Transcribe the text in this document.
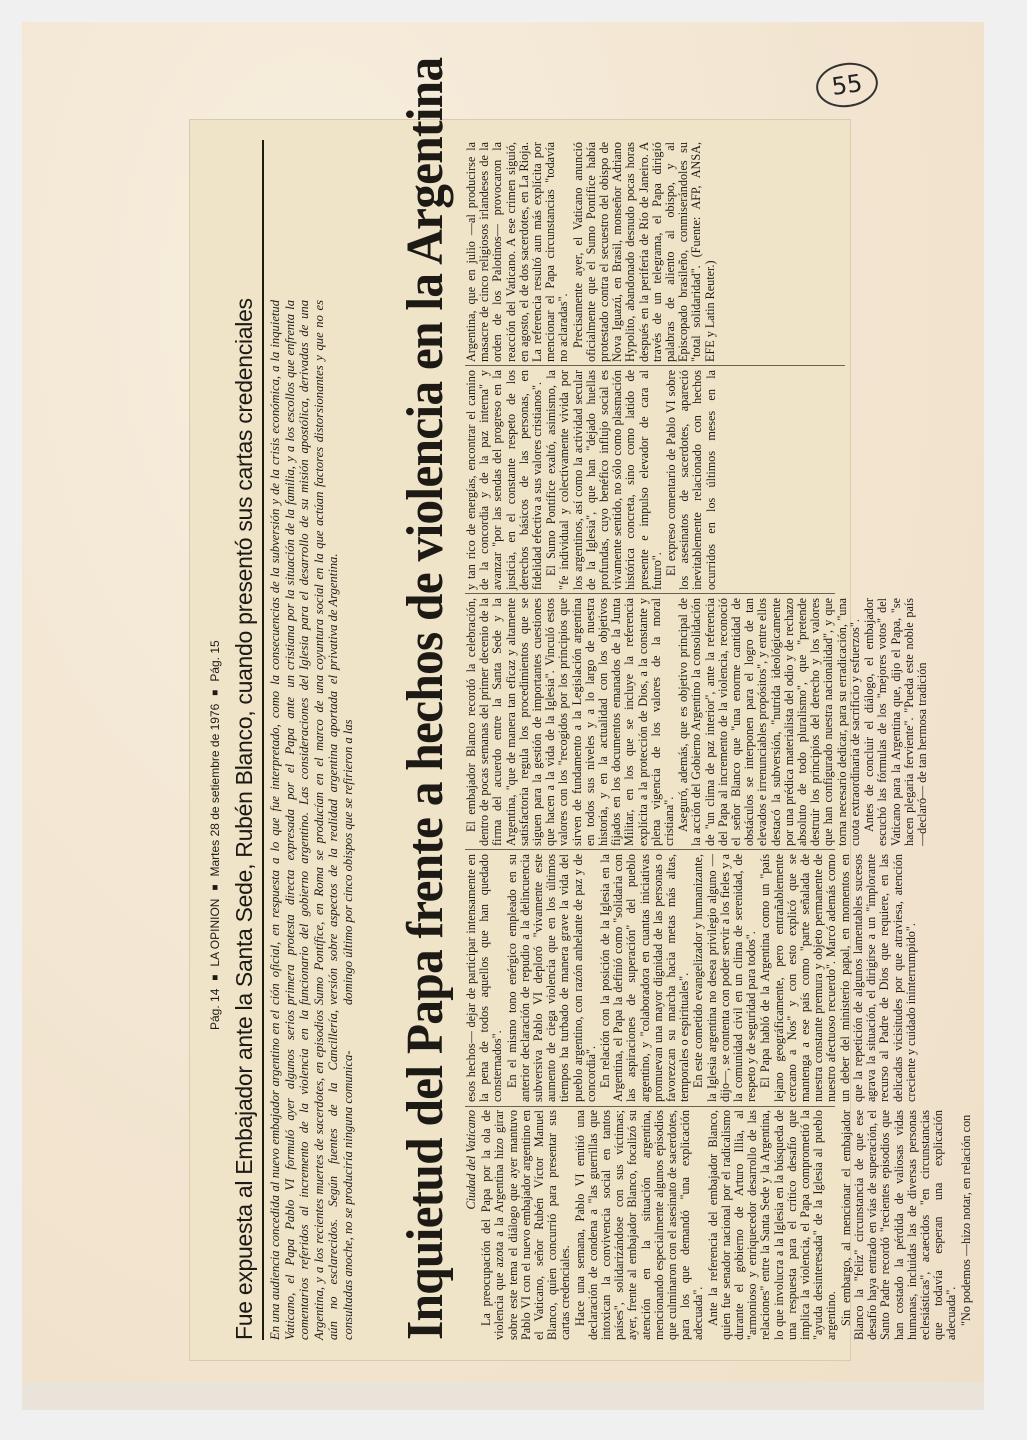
55
Pág. 14
■
LA OPINION
■
Martes 28 de setiembre de 1976
■
Pág. 15 Fue expuesta al Embajador ante la Santa Sede, Rubén Blanco, cuando presentó sus cartas credenciales En una audiencia concedida al nuevo embajador argentino en el Vaticano, el Papa Pablo VI formuló ayer algunos serios comentarios referidos al incremento de la violencia en la Argentina, y a los recientes muertes de sacerdotes, en episodios aún no esclarecidos. Según fuentes de la Cancillería, consultadas anoche, no se produciría ninguna comunica-

ción oficial, en respuesta a lo que fue interpretado, como la primera protesta directa expresada por el Papa ante un funcionario del gobierno argentino. Las consideraciones del Sumo Pontífice, en Roma se producían en el marco de una versión sobre aspectos de la realidad argentina aportada el domingo último por cinco obispos que se refirieron a las

consecuencias de la subversión y de la crisis económica, a la inquietud cristiana por la situación de la familia, y a los escollos que enfrenta la Iglesia para el desarrollo de su misión apostólica, derivadas de una coyuntura social en la que actúan factores distorsionantes y que no es privativa de Argentina. Inquietud del Papa frente a hechos de violencia en la Argentina Ciudad del Vaticano La preocupación del Papa por la ola de violencia que azota a la Argentina hizo girar sobre este tema el diálogo que ayer mantuvo Pablo VI con el nuevo embajador argentino en el Vaticano, señor Rubén Víctor Manuel Blanco, quien concurrió para presentar sus cartas credenciales. Hace una semana, Pablo VI emitió una declaración de condena a "las guerrillas que intoxican la convivencia social en tantos países", solidarizándose con sus víctimas; ayer, frente al embajador Blanco, focalizó su atención en la situación argentina, mencionando especialmente algunos episodios que culminaron con el asesinato de sacerdotes, para los que demandó "una explicación adecuada". Ante la referencia del embajador Blanco, quien fue senador nacional por el radicalismo durante el gobierno de Arturo Illia, al "armonioso y enriquecedor desarrollo de las relaciones" entre la Santa Sede y la Argentina, lo que involucra a la Iglesia en la búsqueda de una respuesta para el crítico desafío que implica la violencia, el Papa comprometió la "ayuda desinteresada" de la Iglesia al pueblo argentino. Sin embargo, al mencionar el embajador Blanco la "feliz" circunstancia de que ese desafío haya entrado en vías de superación, el Santo Padre recordó "recientes episodios que han costado la pérdida de valiosas vidas humanas, incluidas las de diversas personas eclesiásticas", acaecidos "en circunstancias que todavía esperan una explicación adecuada". "No podemos —hizo notar, en relación con

esos hechos— dejar de participar intensamente en la pena de todos aquellos que han quedado consternados". En el mismo tono enérgico empleado en su anterior declaración de repudio a la delincuencia subversiva Pablo VI deploró "vivamente este aumento de ciega violencia que en los últimos tiempos ha turbado de manera grave la vida del pueblo argentino, con razón anhelante de paz y de concordia". En relación con la posición de la Iglesia en la Argentina, el Papa la definió como "solidaria con las aspiraciones de superación" del pueblo argentino, y "colaboradora en cuantas iniciativas promuevan una mayor dignidad de las personas o favorezcan su marcha hacia metas más altas, temporales o espirituales". En este cometido evangelizador y humanizante, la Iglesia argentina no desea privilegio alguno —dijo—, se contenta con poder servir a los fieles y a la comunidad civil en un clima de serenidad, de respeto y de seguridad para todos". El Papa habló de la Argentina como un "país lejano geográficamente, pero entrañablemente cercano a Nos" y con esto explicó que se mantenga a ese país como "parte señalada de nuestra constante premura y objeto permanente de nuestro afectuoso recuerdo". Marcó además como un deber del ministerio papal, en momentos en que la repetición de algunos lamentables sucesos agrava la situación, el dirigirse a un "implorante recurso al Padre de Dios que requiere, en las delicadas vicisitudes por que atraviesa, atención creciente y cuidado ininterrumpido".

El embajador Blanco recordó la celebración, dentro de pocas semanas del primer decenio de la firma del acuerdo entre la Santa Sede y la Argentina, "que de manera tan eficaz y altamente satisfactoria regula los procedimientos que se siguen para la gestión de importantes cuestiones que hacen a la vida de la Iglesia". Vinculó estos valores con los "recogidos por los principios que sirven de fundamento a la Legislación argentina en todos sus niveles y a lo largo de nuestra historia, y en la actualidad con los objetivos fijados en los documentos emanados de la Junta Militar, en los que se incluye la referencia explícita a la protección de Dios, a la constante y plena vigencia de los valores de la moral cristiana". Aseguró, además, que es objetivo principal de la acción del Gobierno Argentino la consolidación de "un clima de paz interior", ante la referencia del Papa al incremento de la violencia, reconoció el señor Blanco que "una enorme cantidad de obstáculos se interponen para el logro de tan elevados e irrenunciables propósitos", y entre ellos destacó la subversión, "nutrida ideológicamente por una prédica materialista del odio y de rechazo absoluto de todo pluralismo", que "pretende destruir los principios del derecho y los valores que han configurado nuestra nacionalidad", y que torna necesario dedicar, para su erradicación, "una cuota extraordinaria de sacrificio y esfuerzos". Antes de concluir el diálogo, el embajador escuchó las fórmulas de los "mejores votos" del Vaticano para la Argentina que, dijo el Papa, "se hacen plegaria ferviente". "Pueda este noble país —declaró— de tan hermosa tradición

y tan rico de energías, encontrar el camino de la concordia y de la paz interna" y avanzar "por las sendas del progreso en la justicia, en el constante respeto de los derechos básicos de las personas, en fidelidad efectiva a sus valores cristianos". El Sumo Pontífice exaltó, asimismo, la "fe individual y colectivamente vivida por los argentinos, así como la actividad secular de la Iglesia", que han "dejado huellas profundas, cuyo benéfico influjo social es vivamente sentido, no sólo como plasmación histórica concreta, sino como latido de presente e impulso elevador de cara al futuro". El expreso comentario de Pablo VI sobre los asesinatos de sacerdotes, apareció inevitablemente relacionado con hechos ocurridos en los últimos meses en la Argentina, que en julio —al producirse la masacre de cinco religiosos irlandeses de la orden de los Palotinos— provocaron la reacción del Vaticano. A ese crimen siguió, en agosto, el de dos sacerdotes, en La Rioja. La referencia resultó aun más explícita por mencionar el Papa circunstancias "todavía no aclaradas". Precisamente ayer, el Vaticano anunció oficialmente que el Sumo Pontífice había protestado contra el secuestro del obispo de Nova Iguazú, en Brasil, monseñor Adriano Hypolito, abandonado desnudo pocas horas después en la periferia de Río de Janeiro. A través de un telegrama, el Papa dirigió palabras de aliento al obispo, y al Episcopado brasileño, conmiserándoles su "total solidaridad". (Fuente: AFP, ANSA, EFE y Latin Reuter.)
